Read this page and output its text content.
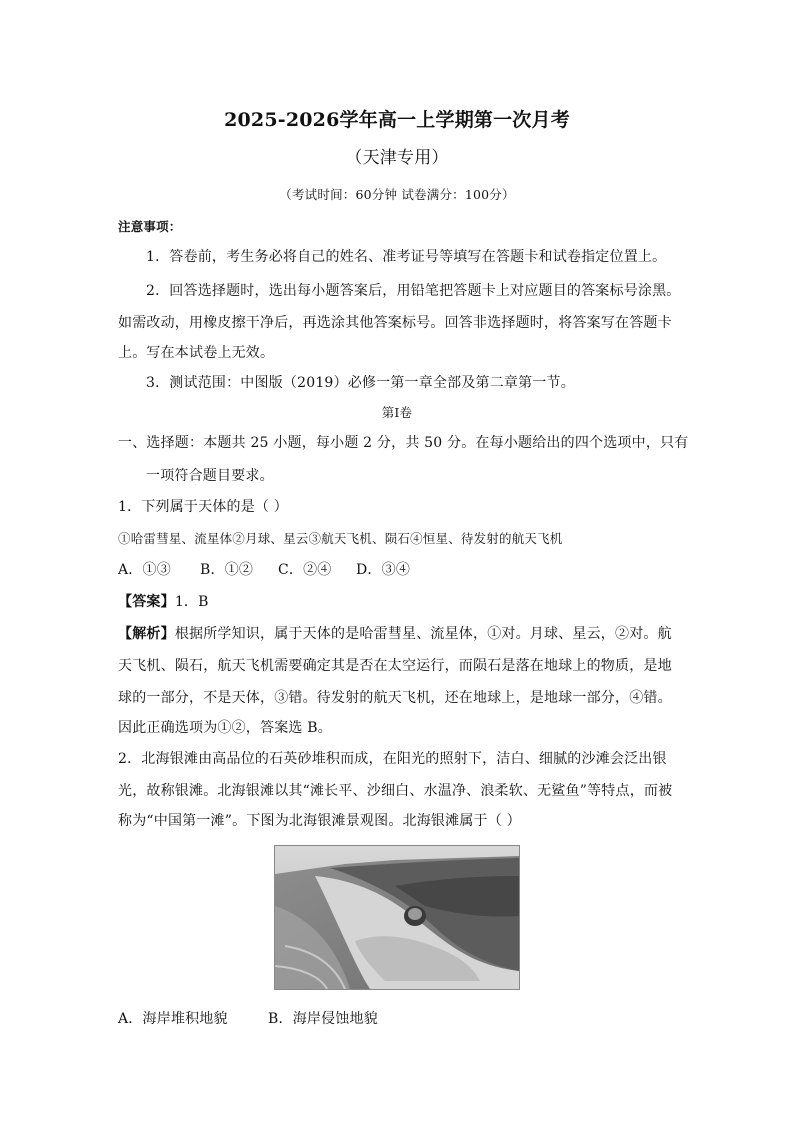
2025-2026学年高一上学期第一次月考
（天津专用）
（考试时间：60分钟 试卷满分：100分）
注意事项：
1．答卷前，考生务必将自己的姓名、准考证号等填写在答题卡和试卷指定位置上。
2．回答选择题时，选出每小题答案后，用铅笔把答题卡上对应题目的答案标号涂黑。
如需改动，用橡皮擦干净后，再选涂其他答案标号。回答非选择题时，将答案写在答题卡
上。写在本试卷上无效。
3．测试范围：中图版（2019）必修一第一章全部及第二章第一节。
第Ⅰ卷
一、选择题：本题共 25 小题，每小题 2 分，共 50 分。在每小题给出的四个选项中，只有
一项符合题目要求。
1．下列属于天体的是（ ）
①哈雷彗星、流星体②月球、星云③航天飞机、陨石④恒星、待发射的航天飞机
A．①③ B．①② C．②④ D．③④
【答案】1．B
【解析】根据所学知识，属于天体的是哈雷彗星、流星体，①对。月球、星云，②对。航
天飞机、陨石，航天飞机需要确定其是否在太空运行，而陨石是落在地球上的物质，是地
球的一部分，不是天体，③错。待发射的航天飞机，还在地球上，是地球一部分，④错。
因此正确选项为①②，答案选 B。
2．北海银滩由高品位的石英砂堆积而成，在阳光的照射下，洁白、细腻的沙滩会泛出银
光，故称银滩。北海银滩以其“滩长平、沙细白、水温净、浪柔软、无鲨鱼”等特点，而被
称为“中国第一滩”。下图为北海银滩景观图。北海银滩属于（ ）
A．海岸堆积地貌	B．海岸侵蚀地貌
